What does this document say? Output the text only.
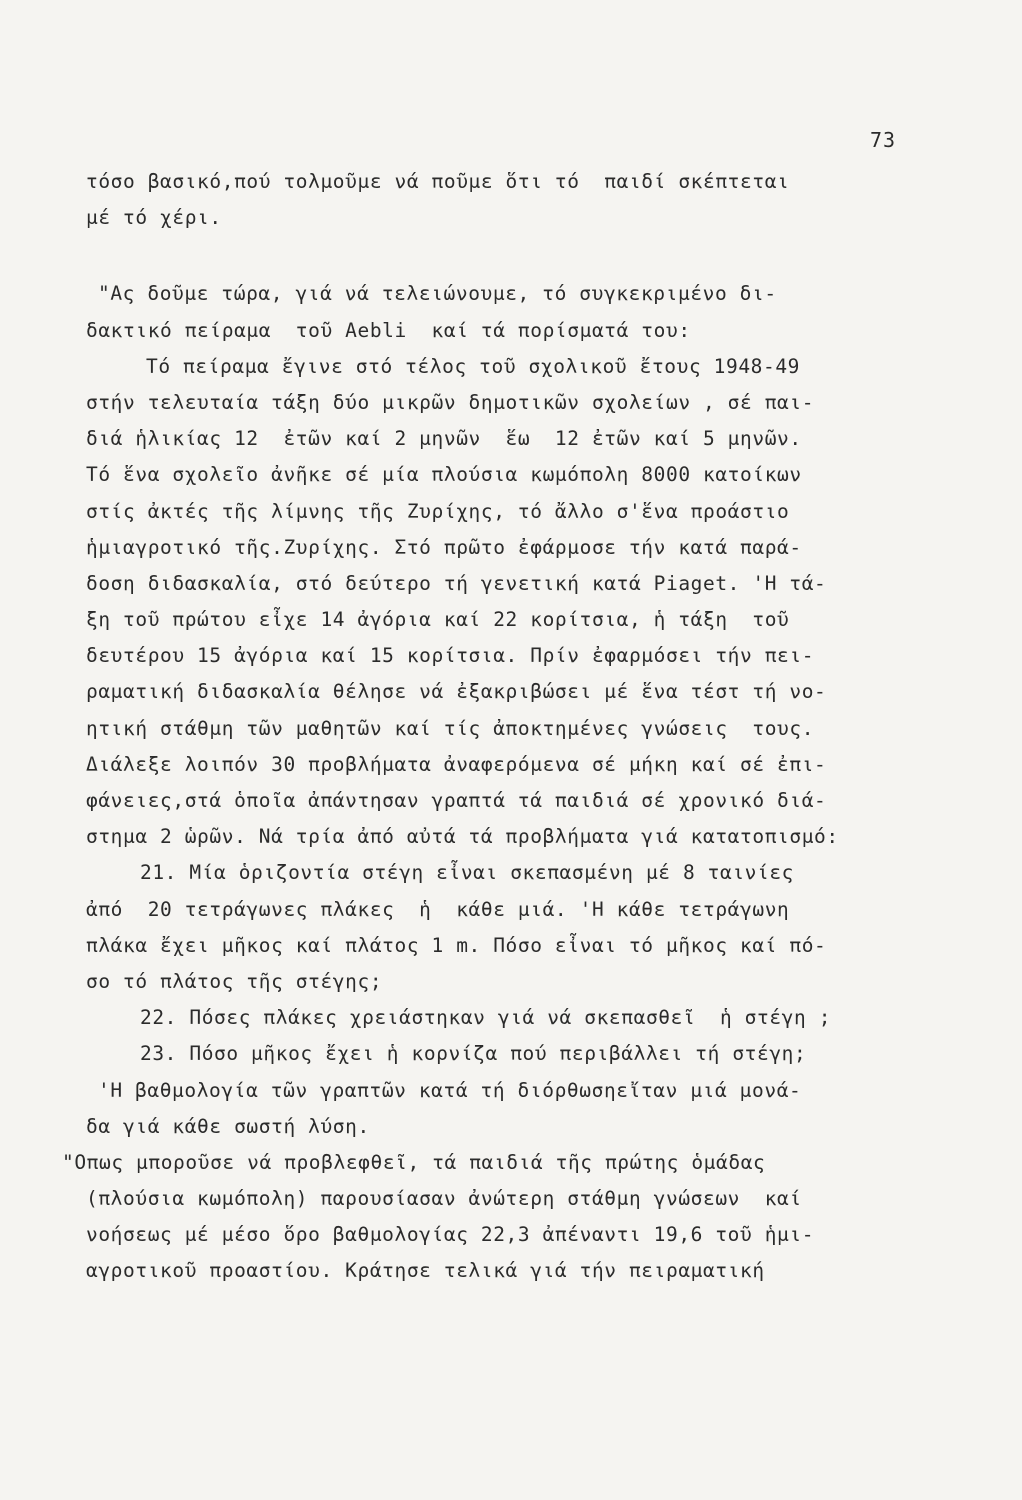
73
τόσο βασικό,πού τολμοῦμε νά ποῦμε ὅτι τό  παιδί σκέπτεται
μέ τό χέρι.
"Ας δοῦμε τώρα, γιά νά τελειώνουμε, τό συγκεκριμένο δι-
δακτικό πείραμα  τοῦ Aebli  καί τά πορίσματά του:
Τό πείραμα ἔγινε στό τέλος τοῦ σχολικοῦ ἔτους 1948-49
στήν τελευταία τάξη δύο μικρῶν δημοτικῶν σχολείων , σέ παι-
διά ἡλικίας 12  ἐτῶν καί 2 μηνῶν  ἕω  12 ἐτῶν καί 5 μηνῶν.
Τό ἕνα σχολεῖο ἀνῆκε σέ μία πλούσια κωμόπολη 8000 κατοίκων
στίς ἀκτές τῆς λίμνης τῆς Ζυρίχης, τό ἄλλο σ'ἕνα προάστιο
ἡμιαγροτικό τῆς.Ζυρίχης. Στό πρῶτο ἐφάρμοσε τήν κατά παρά-
δοση διδασκαλία, στό δεύτερο τή γενετική κατά Piaget. 'Η τά-
ξη τοῦ πρώτου εἶχε 14 ἀγόρια καί 22 κορίτσια, ἡ τάξη  τοῦ
δευτέρου 15 ἀγόρια καί 15 κορίτσια. Πρίν ἐφαρμόσει τήν πει-
ραματική διδασκαλία θέλησε νά ἐξακριβώσει μέ ἕνα τέστ τή νο-
ητική στάθμη τῶν μαθητῶν καί τίς ἀποκτημένες γνώσεις  τους.
Διάλεξε λοιπόν 30 προβλήματα ἀναφερόμενα σέ μήκη καί σέ ἐπι-
φάνειες,στά ὁποῖα ἀπάντησαν γραπτά τά παιδιά σέ χρονικό διά-
στημα 2 ὡρῶν. Νά τρία ἀπό αὐτά τά προβλήματα γιά κατατοπισμό:
21. Μία ὁριζοντία στέγη εἶναι σκεπασμένη μέ 8 ταινίες
ἀπό  20 τετράγωνες πλάκες  ἡ  κάθε μιά. 'Η κάθε τετράγωνη
πλάκα ἔχει μῆκος καί πλάτος 1 m. Πόσο εἶναι τό μῆκος καί πό-
σο τό πλάτος τῆς στέγης;
22. Πόσες πλάκες χρειάστηκαν γιά νά σκεπασθεῖ  ἡ στέγη ;
23. Πόσο μῆκος ἔχει ἡ κορνίζα πού περιβάλλει τή στέγη;
'Η βαθμολογία τῶν γραπτῶν κατά τή διόρθωσηεἴταν μιά μονά-
δα γιά κάθε σωστή λύση.
"Οπως μποροῦσε νά προβλεφθεῖ, τά παιδιά τῆς πρώτης ὁμάδας
(πλούσια κωμόπολη) παρουσίασαν ἀνώτερη στάθμη γνώσεων  καί
νοήσεως μέ μέσο ὅρο βαθμολογίας 22,3 ἀπέναντι 19,6 τοῦ ἡμι-
αγροτικοῦ προαστίου. Κράτησε τελικά γιά τήν πειραματική
